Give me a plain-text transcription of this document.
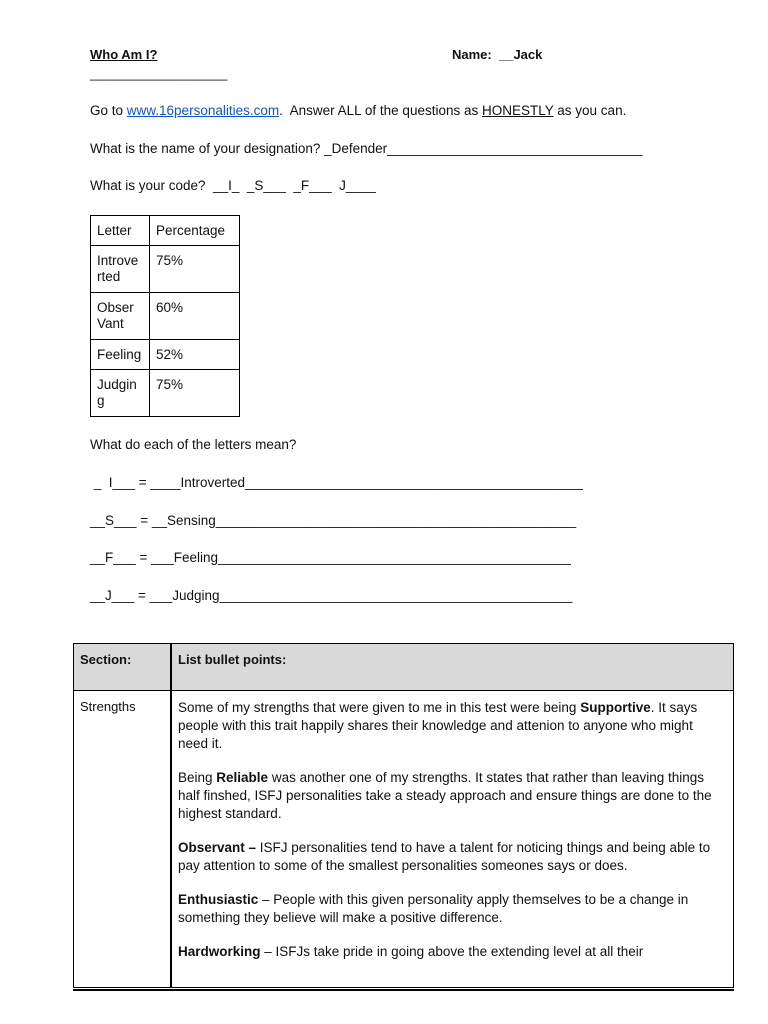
Who Am I?	Name: __Jack
___________________
Go to www.16personalities.com.  Answer ALL of the questions as HONESTLY as you can.
What is the name of your designation? _Defender__________________________________
What is your code?  __I_  _S___  _F___  J____
Letter	Percentage
Introve
rted	75%
Obser
Vant	60%
Feeling	52%
Judgin
g	75%
What do each of the letters mean?
_  I___ = ____Introverted_____________________________________________
__S___ = __Sensing________________________________________________
__F___ = ___Feeling_______________________________________________
__J___ = ___Judging_______________________________________________
Section:	List bullet points:
Strengths	Some of my strengths that were given to me in this test were being Supportive. It says people with this trait happily shares their knowledge and attenion to anyone who might need it.

Being Reliable was another one of my strengths. It states that rather than leaving things half finshed, ISFJ personalities take a steady approach and ensure things are done to the highest standard.

Observant – ISFJ personalities tend to have a talent for noticing things and being able to pay attention to some of the smallest personalities someones says or does.

Enthusiastic – People with this given personality apply themselves to be a change in something they believe will make a positive difference.

Hardworking – ISFJs take pride in going above the extending level at all their
